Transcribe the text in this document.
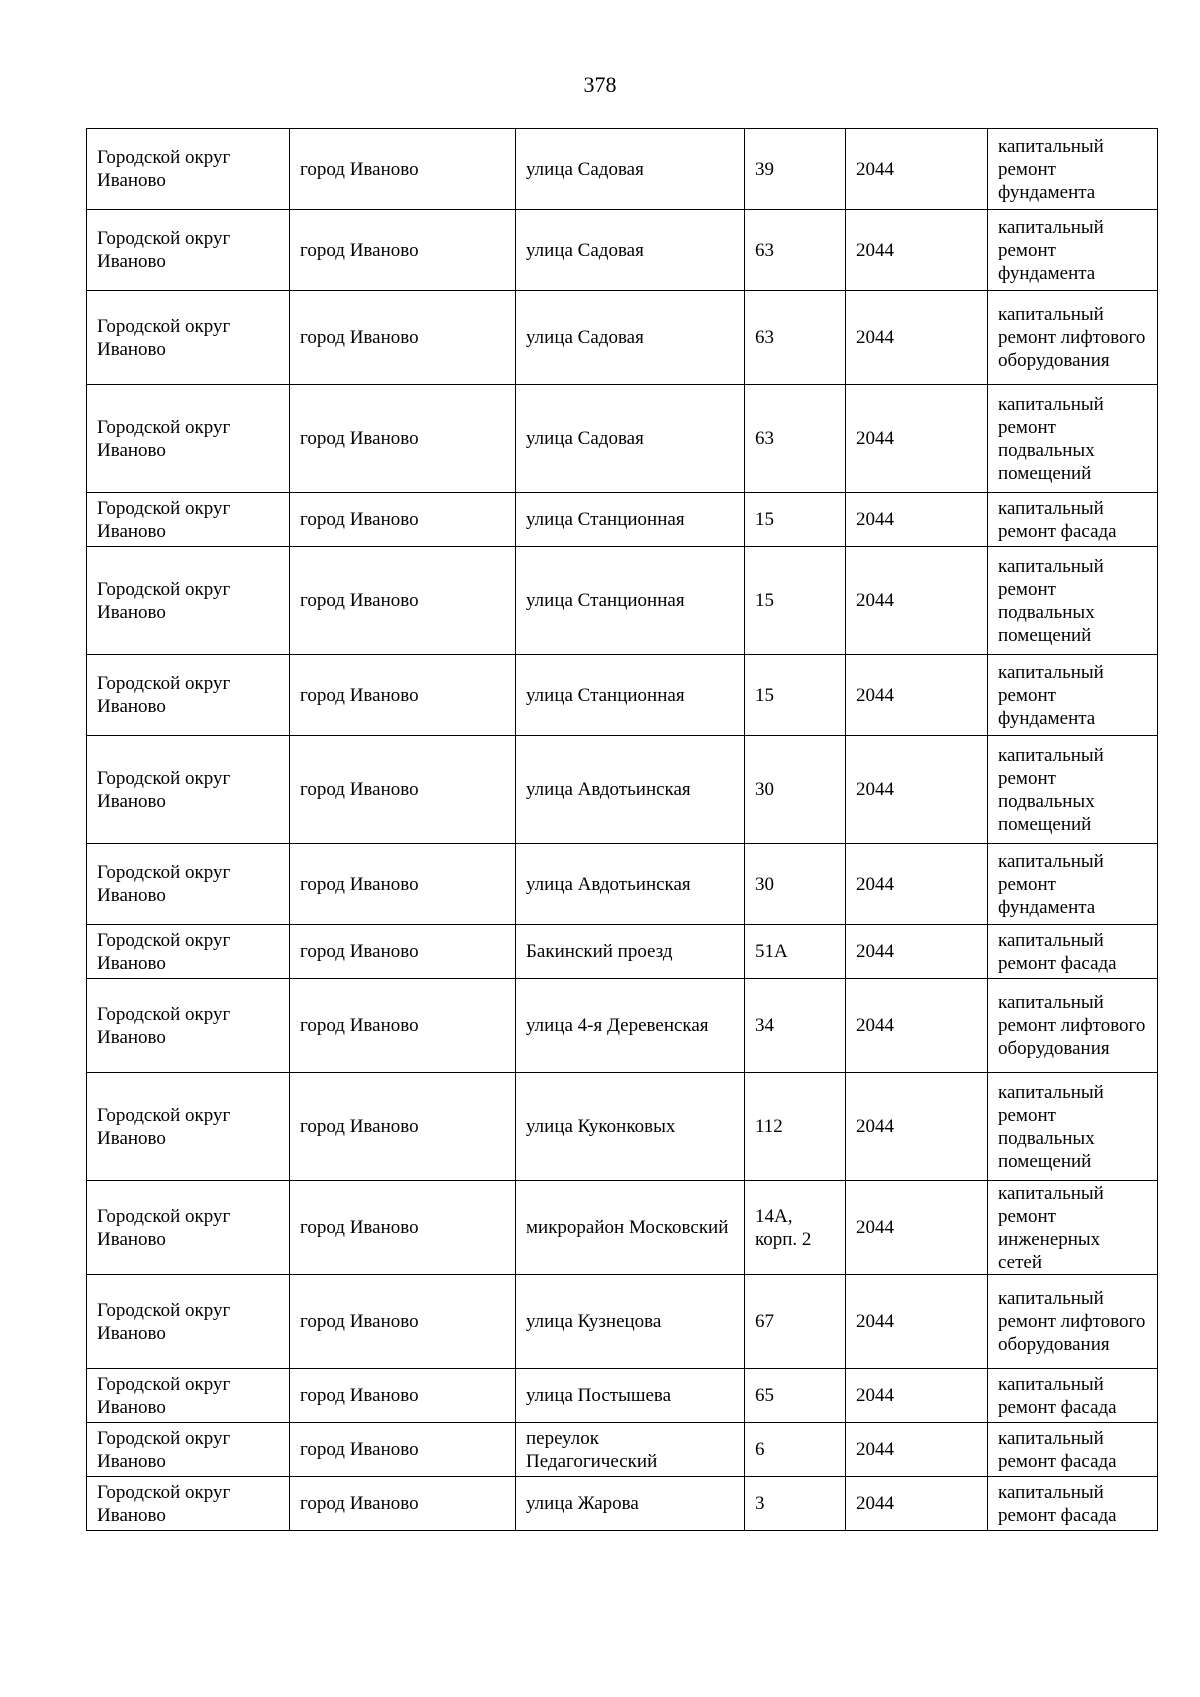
378
Городской округ Иваново	город Иваново	улица Садовая	39	2044	капитальный ремонт фундамента
Городской округ Иваново	город Иваново	улица Садовая	63	2044	капитальный ремонт фундамента
Городской округ Иваново	город Иваново	улица Садовая	63	2044	капитальный ремонт лифтового оборудования
Городской округ Иваново	город Иваново	улица Садовая	63	2044	капитальный ремонт подвальных помещений
Городской округ Иваново	город Иваново	улица Станционная	15	2044	капитальный ремонт фасада
Городской округ Иваново	город Иваново	улица Станционная	15	2044	капитальный ремонт подвальных помещений
Городской округ Иваново	город Иваново	улица Станционная	15	2044	капитальный ремонт фундамента
Городской округ Иваново	город Иваново	улица Авдотьинская	30	2044	капитальный ремонт подвальных помещений
Городской округ Иваново	город Иваново	улица Авдотьинская	30	2044	капитальный ремонт фундамента
Городской округ Иваново	город Иваново	Бакинский проезд	51А	2044	капитальный ремонт фасада
Городской округ Иваново	город Иваново	улица 4-я Деревенская	34	2044	капитальный ремонт лифтового оборудования
Городской округ Иваново	город Иваново	улица Куконковых	112	2044	капитальный ремонт подвальных помещений
Городской округ Иваново	город Иваново	микрорайон Московский	14А, корп. 2	2044	капитальный ремонт инженерных сетей
Городской округ Иваново	город Иваново	улица Кузнецова	67	2044	капитальный ремонт лифтового оборудования
Городской округ Иваново	город Иваново	улица Постышева	65	2044	капитальный ремонт фасада
Городской округ Иваново	город Иваново	переулок Педагогический	6	2044	капитальный ремонт фасада
Городской округ Иваново	город Иваново	улица Жарова	3	2044	капитальный ремонт фасада
